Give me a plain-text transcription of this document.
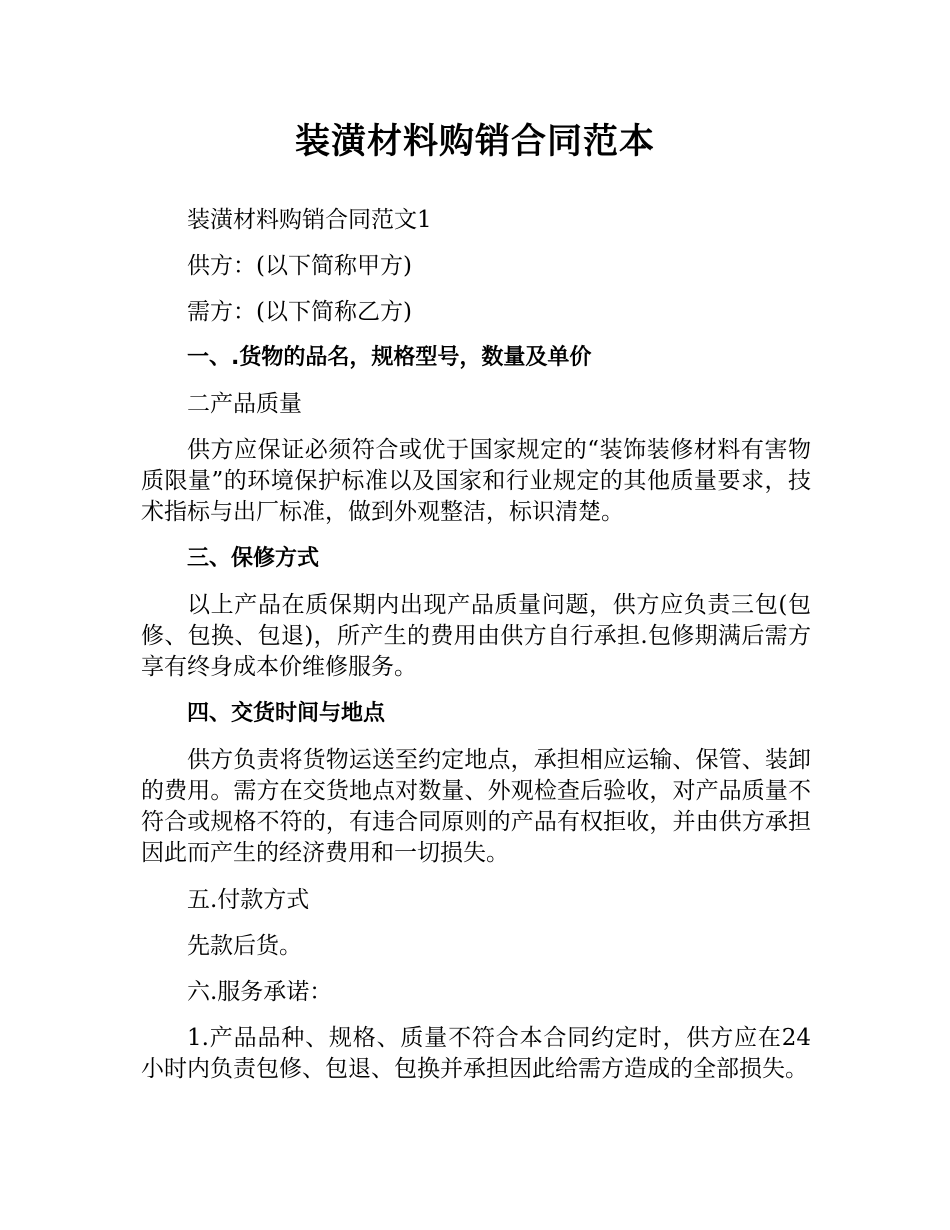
装潢材料购销合同范本

装潢材料购销合同范文1

供方：(以下简称甲方)

需方：(以下简称乙方)

一、.货物的品名，规格型号，数量及单价

二产品质量

供方应保证必须符合或优于国家规定的“装饰装修材料有害物质限量”的环境保护标准以及国家和行业规定的其他质量要求，技术指标与出厂标准，做到外观整洁，标识清楚。

三、保修方式

以上产品在质保期内出现产品质量问题，供方应负责三包(包修、包换、包退)，所产生的费用由供方自行承担.包修期满后需方享有终身成本价维修服务。

四、交货时间与地点

供方负责将货物运送至约定地点，承担相应运输、保管、装卸的费用。需方在交货地点对数量、外观检查后验收，对产品质量不符合或规格不符的，有违合同原则的产品有权拒收，并由供方承担因此而产生的经济费用和一切损失。

五.付款方式

先款后货。

六.服务承诺：

1.产品品种、规格、质量不符合本合同约定时，供方应在24小时内负责包修、包退、包换并承担因此给需方造成的全部损失。
